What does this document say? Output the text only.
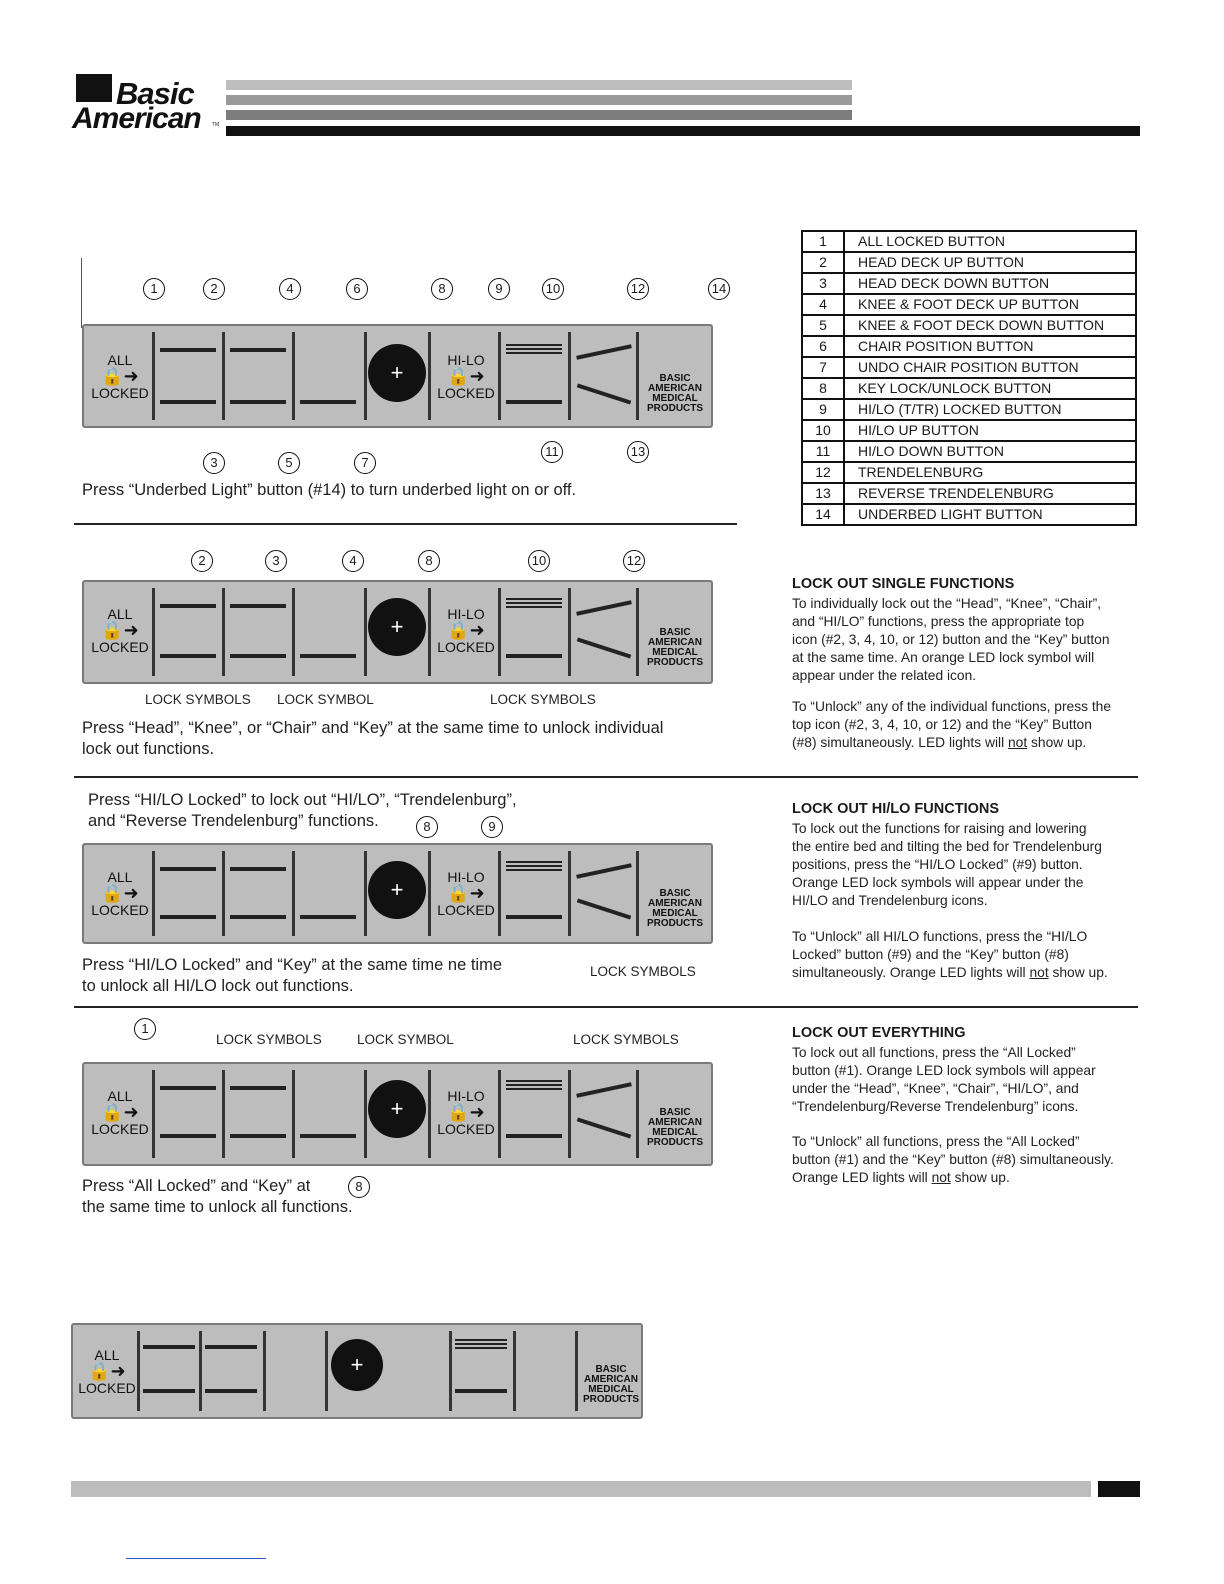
Basic
American TM
1	ALL LOCKED BUTTON
2	HEAD DECK UP BUTTON
3	HEAD DECK DOWN BUTTON
4	KNEE & FOOT DECK UP BUTTON
5	KNEE & FOOT DECK DOWN BUTTON
6	CHAIR POSITION BUTTON
7	UNDO CHAIR POSITION BUTTON
8	KEY LOCK/UNLOCK BUTTON
9	HI/LO (T/TR) LOCKED BUTTON
10	HI/LO UP BUTTON
11	HI/LO DOWN BUTTON
12	TRENDELENBURG
13	REVERSE TRENDELENBURG
14	UNDERBED LIGHT BUTTON
ALL
🔒➜
LOCKED
+	HI-LO
🔒➜
LOCKED
BASIC
AMERICAN
MEDICAL
PRODUCTS
1	2	4	6	8	9	10	12	14
3	5	7
11	13
Press “Underbed Light” button (#14) to turn underbed light on or off.
ALL
🔒➜
LOCKED
+	HI-LO
🔒➜
LOCKED
BASIC
AMERICAN
MEDICAL
PRODUCTS
2	3	4	8	10	12
LOCK SYMBOLS LOCK SYMBOL	LOCK SYMBOLS
Press “Head”, “Knee”, or “Chair” and “Key” at the same time to unlock individual
lock out functions.
LOCK OUT SINGLE FUNCTIONS
To individually lock out the “Head”, “Knee”, “Chair”,
and “HI/LO” functions, press the appropriate top
icon (#2, 3, 4, 10, or 12) button and the “Key” button
at the same time. An orange LED lock symbol will
appear under the related icon.
To “Unlock” any of the individual functions, press the
top icon (#2, 3, 4, 10, or 12) and the “Key” Button
(#8) simultaneously. LED lights will not show up.
Press “HI/LO Locked” to lock out “HI/LO”, “Trendelenburg”,
and “Reverse Trendelenburg” functions.
ALL
🔒➜
LOCKED
+	HI-LO
🔒➜
LOCKED
BASIC
AMERICAN
MEDICAL
PRODUCTS
8	9
LOCK SYMBOLS
Press “HI/LO Locked” and “Key” at the same time ne time
to unlock all HI/LO lock out functions.
LOCK OUT HI/LO FUNCTIONS
To lock out the functions for raising and lowering
the entire bed and tilting the bed for Trendelenburg
positions, press the “HI/LO Locked” (#9) button.
Orange LED lock symbols will appear under the
HI/LO and Trendelenburg icons.
To “Unlock” all HI/LO functions, press the “HI/LO
Locked” button (#9) and the “Key” button (#8)
simultaneously. Orange LED lights will not show up.
LOCK SYMBOLS	LOCK SYMBOL	LOCK SYMBOLS
ALL
🔒➜
LOCKED
+	HI-LO
🔒➜
LOCKED
BASIC
AMERICAN
MEDICAL
PRODUCTS
1
8
Press “All Locked” and “Key” at
the same time to unlock all functions.
LOCK OUT EVERYTHING
To lock out all functions, press the “All Locked”
button (#1). Orange LED lock symbols will appear
under the “Head”, “Knee”, “Chair”, “HI/LO”, and
“Trendelenburg/Reverse Trendelenburg” icons.
To “Unlock” all functions, press the “All Locked”
button (#1) and the “Key” button (#8) simultaneously.
Orange LED lights will not show up.
ALL
🔒➜
LOCKED
+	BASIC
AMERICAN
MEDICAL
PRODUCTS
